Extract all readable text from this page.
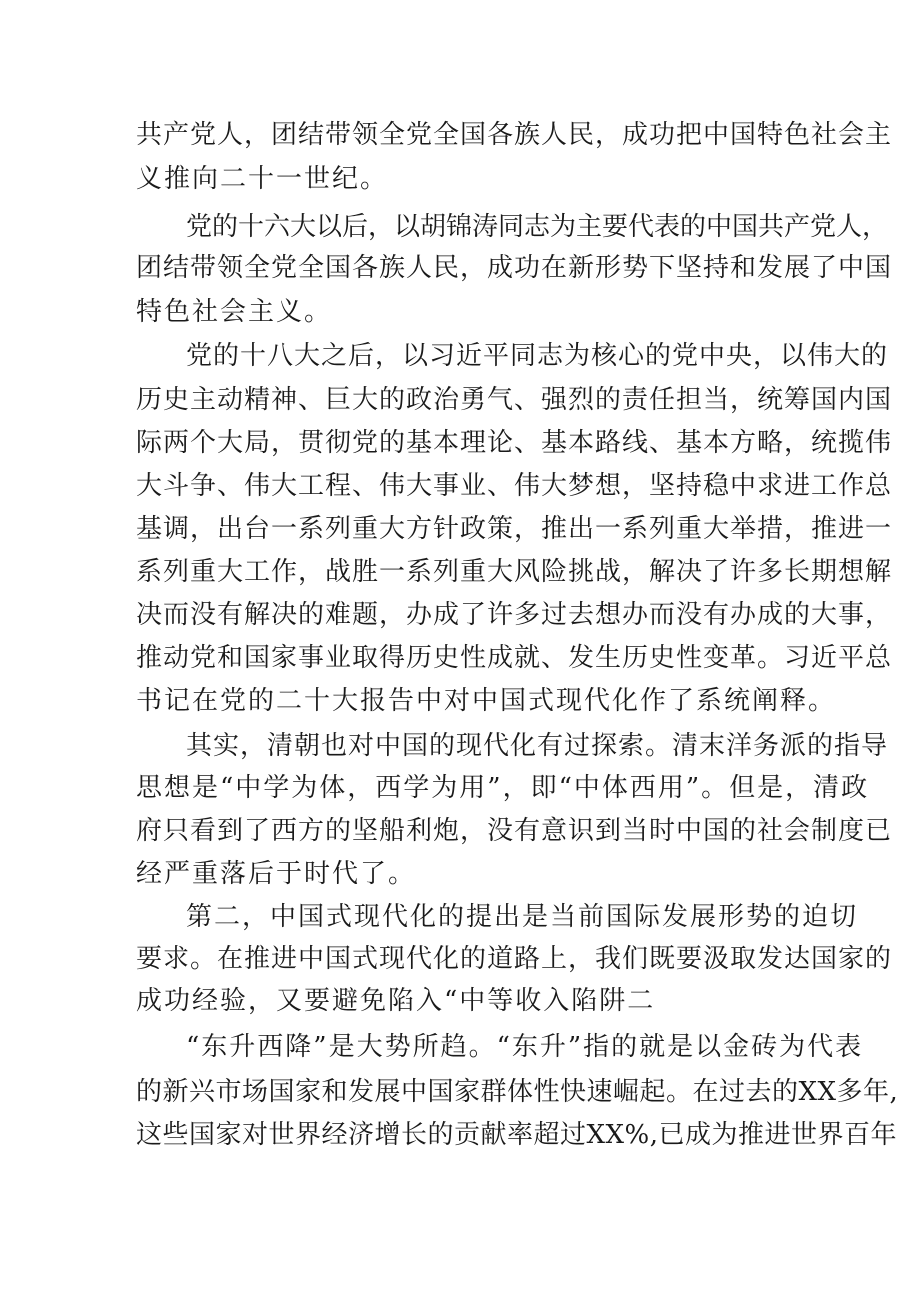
共产党人，团结带领全党全国各族人民，成功把中国特色社会主
义推向二十一世纪。
党的十六大以后，以胡锦涛同志为主要代表的中国共产党人，
团结带领全党全国各族人民，成功在新形势下坚持和发展了中国
特色社会主义。
党的十八大之后，以习近平同志为核心的党中央，以伟大的
历史主动精神、巨大的政治勇气、强烈的责任担当，统筹国内国
际两个大局，贯彻党的基本理论、基本路线、基本方略，统揽伟
大斗争、伟大工程、伟大事业、伟大梦想，坚持稳中求进工作总
基调，出台一系列重大方针政策，推出一系列重大举措，推进一
系列重大工作，战胜一系列重大风险挑战，解决了许多长期想解
决而没有解决的难题，办成了许多过去想办而没有办成的大事，
推动党和国家事业取得历史性成就、发生历史性变革。习近平总
书记在党的二十大报告中对中国式现代化作了系统阐释。
其实，清朝也对中国的现代化有过探索。清末洋务派的指导
思想是“中学为体，西学为用”，即“中体西用”。但是，清政
府只看到了西方的坚船利炮，没有意识到当时中国的社会制度已
经严重落后于时代了。
第二，中国式现代化的提出是当前国际发展形势的迫切
要求。在推进中国式现代化的道路上，我们既要汲取发达国家的
成功经验，又要避免陷入“中等收入陷阱二
“东升西降”是大势所趋。“东升”指的就是以金砖为代表
的新兴市场国家和发展中国家群体性快速崛起。在过去的XX多年,
这些国家对世界经济增长的贡献率超过XX%,已成为推进世界百年
